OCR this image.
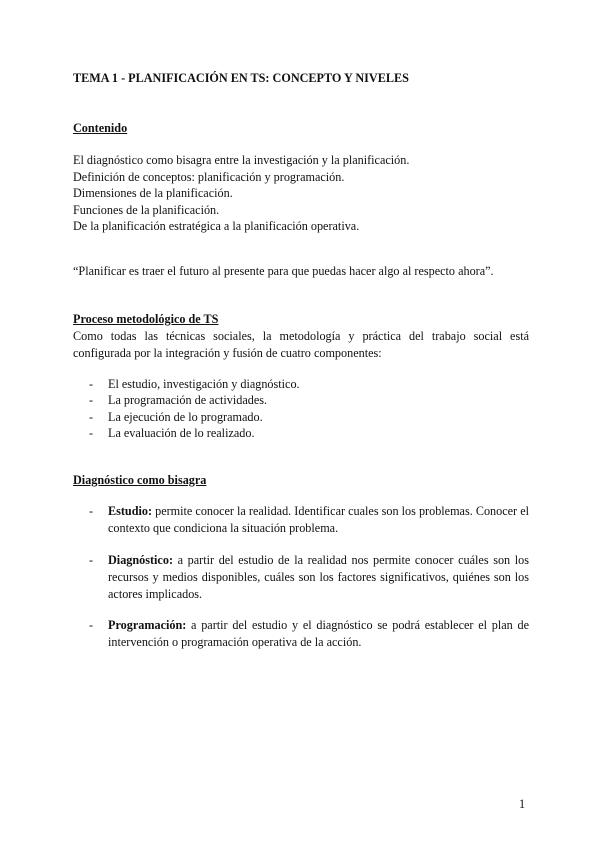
TEMA 1 - PLANIFICACIÓN EN TS: CONCEPTO Y NIVELES
Contenido
El diagnóstico como bisagra entre la investigación y la planificación.
Definición de conceptos: planificación y programación.
Dimensiones de la planificación.
Funciones de la planificación.
De la planificación estratégica a la planificación operativa.
“Planificar es traer el futuro al presente para que puedas hacer algo al respecto ahora”.
Proceso metodológico de TS
Como todas las técnicas sociales, la metodología y práctica del trabajo social está configurada por la integración y fusión de cuatro componentes:
- El estudio, investigación y diagnóstico.
- La programación de actividades.
- La ejecución de lo programado.
- La evaluación de lo realizado.
Diagnóstico como bisagra
- Estudio: permite conocer la realidad. Identificar cuales son los problemas. Conocer el contexto que condiciona la situación problema.
- Diagnóstico: a partir del estudio de la realidad nos permite conocer cuáles son los recursos y medios disponibles, cuáles son los factores significativos, quiénes son los actores implicados.
- Programación: a partir del estudio y el diagnóstico se podrá establecer el plan de intervención o programación operativa de la acción.
1
